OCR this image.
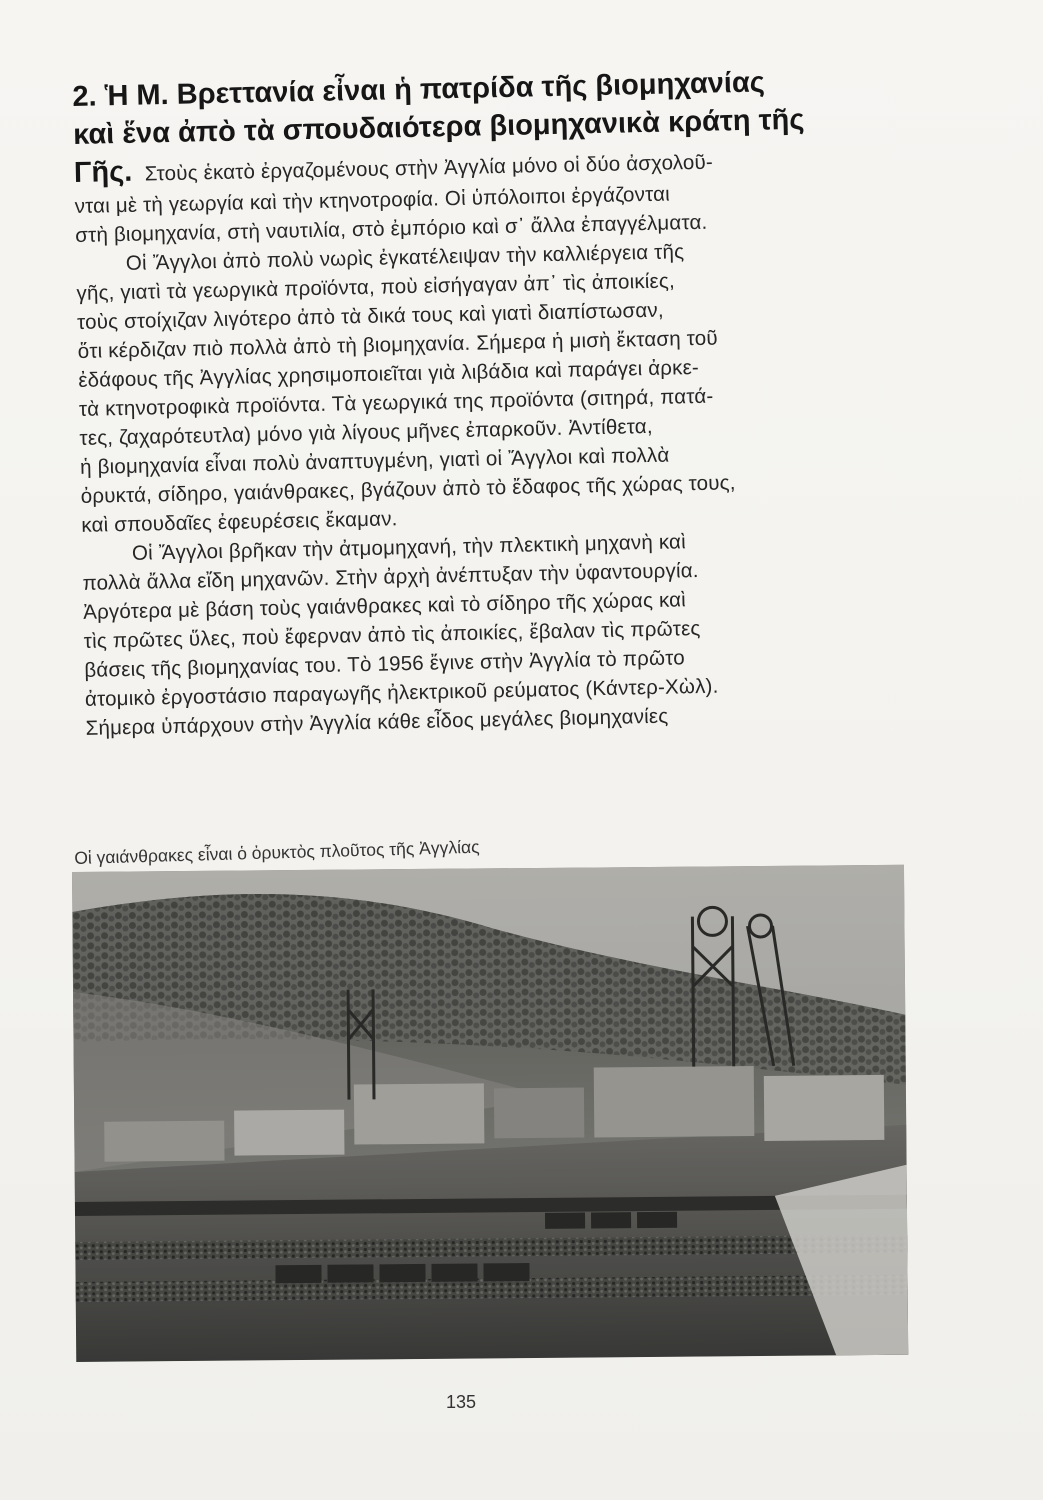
2. Ἡ Μ. Βρεττανία εἶναι ἡ πατρίδα τῆς βιομηχανίας
καὶ ἕνα ἀπὸ τὰ σπουδαιότερα βιομηχανικὰ κράτη τῆς
Γῆς. Στοὺς ἑκατὸ ἐργαζομένους στὴν Ἀγγλία μόνο οἱ δύο ἀσχολοῦ-
νται μὲ τὴ γεωργία καὶ τὴν κτηνοτροφία. Οἱ ὑπόλοιποι ἐργάζονται
στὴ βιομηχανία, στὴ ναυτιλία, στὸ ἐμπόριο καὶ σ᾽ ἄλλα ἐπαγγέλματα.
Οἱ Ἄγγλοι ἀπὸ πολὺ νωρὶς ἐγκατέλειψαν τὴν καλλιέργεια τῆς
γῆς, γιατὶ τὰ γεωργικὰ προϊόντα, ποὺ εἰσήγαγαν ἀπ᾽ τὶς ἀποικίες,
τοὺς στοίχιζαν λιγότερο ἀπὸ τὰ δικά τους καὶ γιατὶ διαπίστωσαν,
ὅτι κέρδιζαν πιὸ πολλὰ ἀπὸ τὴ βιομηχανία. Σήμερα ἡ μισὴ ἔκταση τοῦ
ἐδάφους τῆς Ἀγγλίας χρησιμοποιεῖται γιὰ λιβάδια καὶ παράγει ἀρκε-
τὰ κτηνοτροφικὰ προϊόντα. Τὰ γεωργικά της προϊόντα (σιτηρά, πατά-
τες, ζαχαρότευτλα) μόνο γιὰ λίγους μῆνες ἐπαρκοῦν. Ἀντίθετα,
ἡ βιομηχανία εἶναι πολὺ ἀναπτυγμένη, γιατὶ οἱ Ἄγγλοι καὶ πολλὰ
ὀρυκτά, σίδηρο, γαιάνθρακες, βγάζουν ἀπὸ τὸ ἔδαφος τῆς χώρας τους,
καὶ σπουδαῖες ἐφευρέσεις ἔκαμαν.
Οἱ Ἄγγλοι βρῆκαν τὴν ἀτμομηχανή, τὴν πλεκτικὴ μηχανὴ καὶ
πολλὰ ἄλλα εἴδη μηχανῶν. Στὴν ἀρχὴ ἀνέπτυξαν τὴν ὑφαντουργία.
Ἀργότερα μὲ βάση τοὺς γαιάνθρακες καὶ τὸ σίδηρο τῆς χώρας καὶ
τὶς πρῶτες ὕλες, ποὺ ἔφερναν ἀπὸ τὶς ἀποικίες, ἔβαλαν τὶς πρῶτες
βάσεις τῆς βιομηχανίας του. Τὸ 1956 ἔγινε στὴν Ἀγγλία τὸ πρῶτο
ἀτομικὸ ἐργοστάσιο παραγωγῆς ἠλεκτρικοῦ ρεύματος (Κάντερ-Χὼλ).
Σήμερα ὑπάρχουν στὴν Ἀγγλία κάθε εἶδος μεγάλες βιομηχανίες
Οἱ γαιάνθρακες εἶναι ὁ ὀρυκτὸς πλοῦτος τῆς Ἀγγλίας
135
